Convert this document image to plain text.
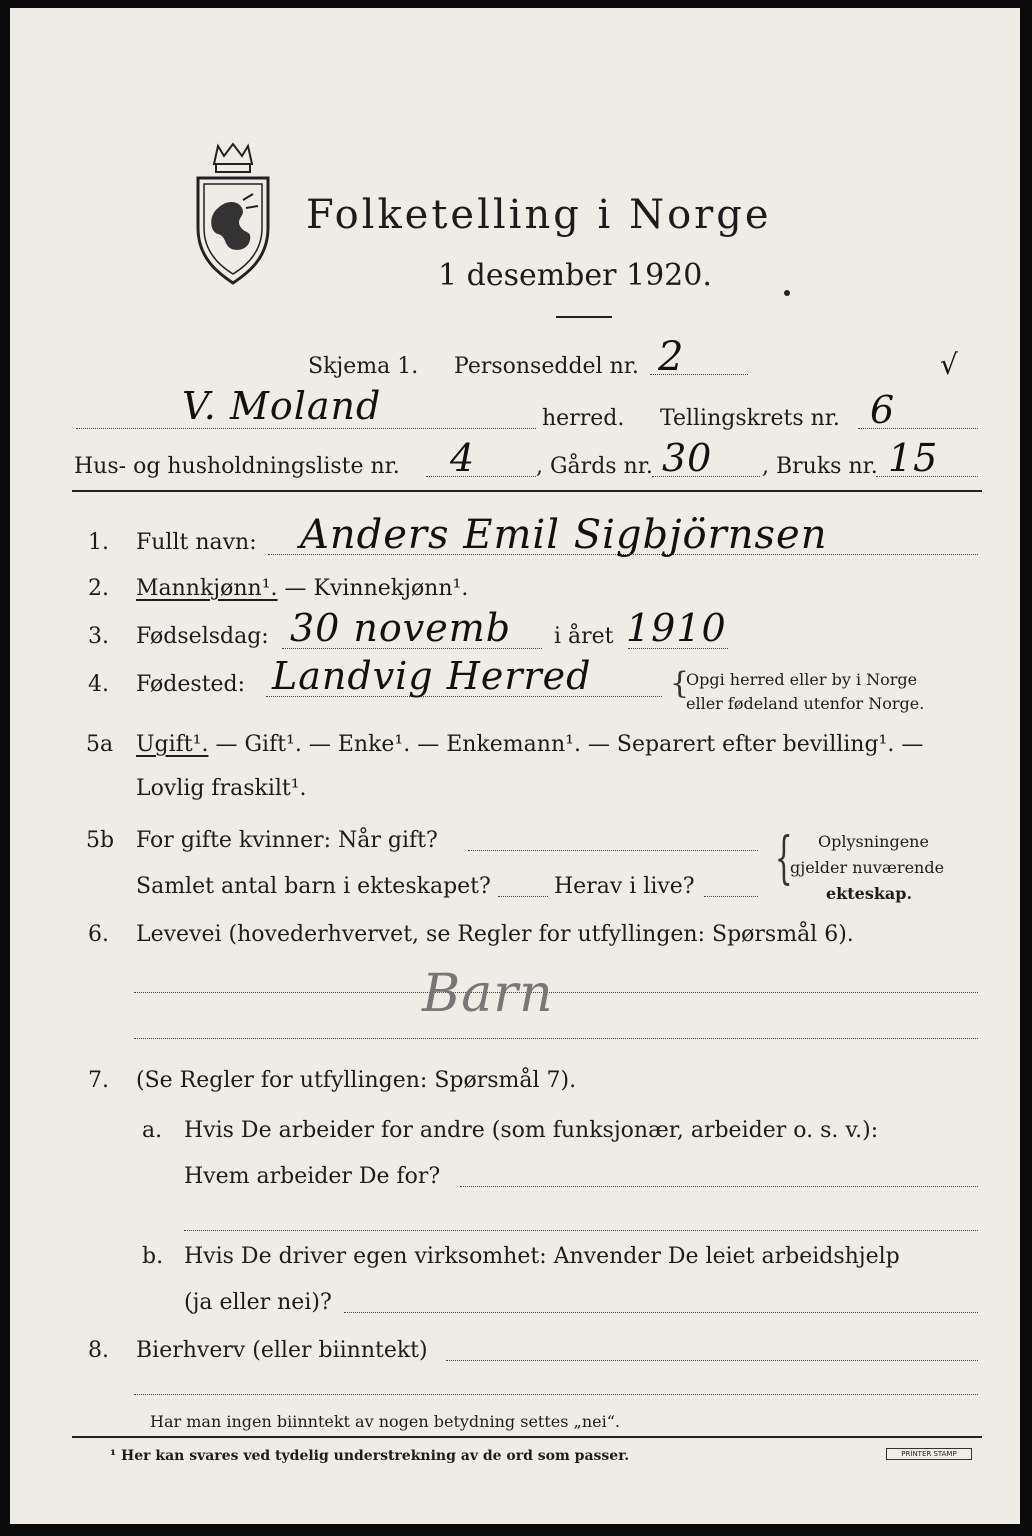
Folketelling i Norge
1 desember 1920.
Skjema 1. Personseddel nr. 2	√
V. Moland	herred. Tellingskrets nr. 6
Hus- og husholdningsliste nr. 4	, Gårds nr. 30 , Bruks nr. 15
1. Fullt navn: Anders Emil Sigbjörnsen
2. Mannkjønn¹. — Kvinnekjønn¹.
3. Fødselsdag: 30 novemb i året 1910
4. Fødested: Landvig Herred	{
Opgi herred eller by i Norge
eller fødeland utenfor Norge.
5a Ugift¹. — Gift¹. — Enke¹. — Enkemann¹. — Separert efter bevilling¹. —
Lovlig fraskilt¹.
5b For gifte kvinner: Når gift?
Samlet antal barn i ekteskapet?	Herav i live? { Oplysningene
gjelder nuværende
ekteskap.
6. Levevei (hovederhvervet, se Regler for utfyllingen: Spørsmål 6).
Barn
7. (Se Regler for utfyllingen: Spørsmål 7).
a. Hvis De arbeider for andre (som funksjonær, arbeider o. s. v.):
Hvem arbeider De for?
b. Hvis De driver egen virksomhet: Anvender De leiet arbeidshjelp
(ja eller nei)?
8. Bierhverv (eller biinntekt)
Har man ingen biinntekt av nogen betydning settes „nei“.
¹ Her kan svares ved tydelig understrekning av de ord som passer.	PRINTER STAMP
